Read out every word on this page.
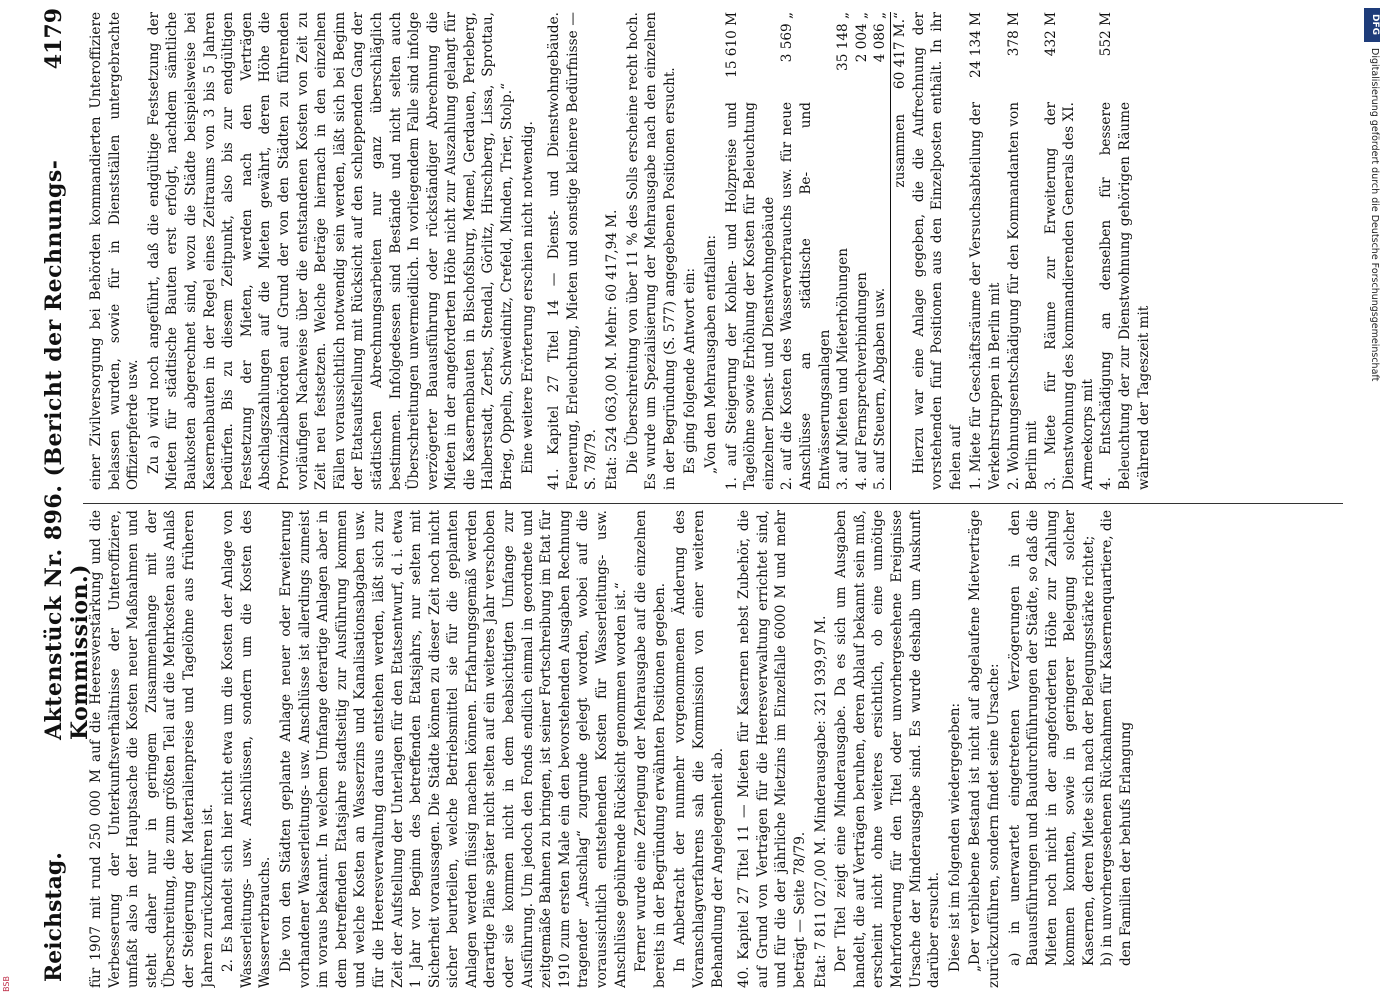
Reichstag.
Aktenstück Nr. 896. (Bericht der Rechnungs-Kommission.)
4179

für 1907 mit rund 250 000 M auf die Heeresverstärkung und die Verbesserung der Unterkunftsverhältnisse der Unteroffiziere, umfaßt also in der Hauptsache die Kosten neuer Maßnahmen und steht daher nur in geringem Zusammenhange mit der Überschreitung, die zum größten Teil auf die Mehrkosten aus Anlaß der Steigerung der Materialienpreise und Tagelöhne aus früheren Jahren zurückzuführen ist. 2. Es handelt sich hier nicht etwa um die Kosten der Anlage von Wasserleitungs- usw. Anschlüssen, sondern um die Kosten des Wasserverbrauchs. Die von den Städten geplante Anlage neuer oder Erweiterung vorhandener Wasserleitungs- usw. Anschlüsse ist allerdings zumeist im voraus bekannt. In welchem Umfange derartige Anlagen aber in dem betreffenden Etatsjahre stadtseitig zur Ausführung kommen und welche Kosten an Wasserzins und Kanalisationsabgaben usw. für die Heeresverwaltung daraus entstehen werden, läßt sich zur Zeit der Aufstellung der Unterlagen für den Etatsentwurf, d. i. etwa 1 Jahr vor Beginn des betreffenden Etatsjahrs, nur selten mit Sicherheit voraussagen. Die Städte können zu dieser Zeit noch nicht sicher beurteilen, welche Betriebsmittel sie für die geplanten Anlagen werden flüssig machen können. Erfahrungsgemäß werden derartige Pläne später nicht selten auf ein weiteres Jahr verschoben oder sie kommen nicht in dem beabsichtigten Umfange zur Ausführung. Um jedoch den Fonds endlich einmal in geordnete und zeitgemäße Bahnen zu bringen, ist seiner Fortschreibung im Etat für 1910 zum ersten Male ein den bevorstehenden Ausgaben Rechnung tragender „Anschlag“ zugrunde gelegt worden, wobei auf die voraussichtlich entstehenden Kosten für Wasserleitungs- usw. Anschlüsse gebührende Rücksicht genommen worden ist.“ Ferner wurde eine Zerlegung der Mehrausgabe auf die einzelnen bereits in der Begründung erwähnten Positionen gegeben. In Anbetracht der nunmehr vorgenommenen Änderung des Voranschlagverfahrens sah die Kommission von einer weiteren Behandlung der Angelegenheit ab. 40. Kapitel 27 Titel 11 — Mieten für Kasernen nebst Zubehör, die auf Grund von Verträgen für die Heeresverwaltung errichtet sind, und für die der jährliche Mietzins im Einzelfalle 6000 M und mehr beträgt — Seite 78/79. Etat: 7 811 027,00 M. Minderausgabe: 321 939,97 M. Der Titel zeigt eine Minderausgabe. Da es sich um Ausgaben handelt, die auf Verträgen beruhen, deren Ablauf bekannt sein muß, erscheint nicht ohne weiteres ersichtlich, ob eine unnötige Mehrforderung für den Titel oder unvorhergesehene Ereignisse Ursache der Minderausgabe sind. Es wurde deshalb um Auskunft darüber ersucht. Diese ist im folgenden wiedergegeben: „Der verbliebene Bestand ist nicht auf abgelaufene Mietverträge zurückzuführen, sondern findet seine Ursache: a) in unerwartet eingetretenen Verzögerungen in den Bauausführungen und Baudurchführungen der Städte, so daß die Mieten noch nicht in der angeforderten Höhe zur Zahlung kommen konnten, sowie in geringerer Belegung solcher Kasernen, deren Miete sich nach der Belegungsstärke richtet; b) in unvorhergesehenen Rücknahmen für Kasernenquartiere, die den Familien der behufs Erlangung

einer Zivilversorgung bei Behörden kommandierten Unteroffiziere belassen wurden, sowie für in Dienstställen untergebrachte Offizierpferde usw. Zu a) wird noch angeführt, daß die endgültige Festsetzung der Mieten für städtische Bauten erst erfolgt, nachdem sämtliche Baukosten abgerechnet sind, wozu die Städte beispielsweise bei Kasernenbauten in der Regel eines Zeitraums von 3 bis 5 Jahren bedürfen. Bis zu diesem Zeitpunkt, also bis zur endgültigen Festsetzung der Mieten, werden nach den Verträgen Abschlagszahlungen auf die Mieten gewährt, deren Höhe die Provinzialbehörden auf Grund der von den Städten zu führenden vorläufigen Nachweise über die entstandenen Kosten von Zeit zu Zeit neu festsetzen. Welche Beträge hiernach in den einzelnen Fällen voraussichtlich notwendig sein werden, läßt sich bei Beginn der Etatsaufstellung mit Rücksicht auf den schleppenden Gang der städtischen Abrechnungsarbeiten nur ganz überschläglich bestimmen. Infolgedessen sind Bestände und nicht selten auch Überschreitungen unvermeidlich. In vorliegendem Falle sind infolge verzögerter Bauausführung oder rückständiger Abrechnung die Mieten in der angeforderten Höhe nicht zur Auszahlung gelangt für die Kasernenbauten in Bischofsburg, Memel, Gerdauen, Perleberg, Halberstadt, Zerbst, Stendal, Görlitz, Hirschberg, Lissa, Sprottau, Brieg, Oppeln, Schweidnitz, Crefeld, Minden, Trier, Stolp.“ Eine weitere Erörterung erschien nicht notwendig. 41. Kapitel 27 Titel 14 — Dienst- und Dienstwohngebäude. Feuerung, Erleuchtung, Mieten und sonstige kleinere Bedürfnisse — S. 78/79. Etat: 524 063,00 M. Mehr: 60 417,94 M. Die Überschreitung von über 11 % des Solls erscheine recht hoch. Es wurde um Spezialisierung der Mehrausgabe nach den einzelnen in der Begründung (S. 577) angegebenen Positionen ersucht. Es ging folgende Antwort ein: „Von den Mehrausgaben entfallen: 1. auf Steigerung der Kohlen- und Holzpreise und Tagelöhne sowie Erhöhung der Kosten für Beleuchtung einzelner Dienst- und Dienstwohngebäude	15 610 M
2. auf die Kosten des Wasserverbrauchs usw. für neue Anschlüsse an städtische Be- und Entwässerungsanlagen	3 569 „
3. auf Mieten und Mieterhöhungen	35 148 „
4. auf Fernsprechverbindungen	2 004 „
5. auf Steuern, Abgaben usw.	4 086 „
zusammen	60 417 M.“ Hierzu war eine Anlage gegeben, die die Aufrechnung der vorstehenden fünf Positionen aus den Einzelposten enthält. In ihr fielen auf 1. Miete für Geschäftsräume der Versuchsabteilung der Verkehrstruppen in Berlin mit	24 134 M
2. Wohnungsentschädigung für den Kommandanten von Berlin mit	378 M
3. Miete für Räume zur Erweiterung der Dienstwohnung des kommandierenden Generals des XI. Armeekorps mit	432 M
4. Entschädigung an denselben für bessere Beleuchtung der zur Dienstwohnung gehörigen Räume während der Tageszeit mit	552 M	DFG
Digitalisierung gefördert durch die Deutsche Forschungsgemeinschaft
BSB
